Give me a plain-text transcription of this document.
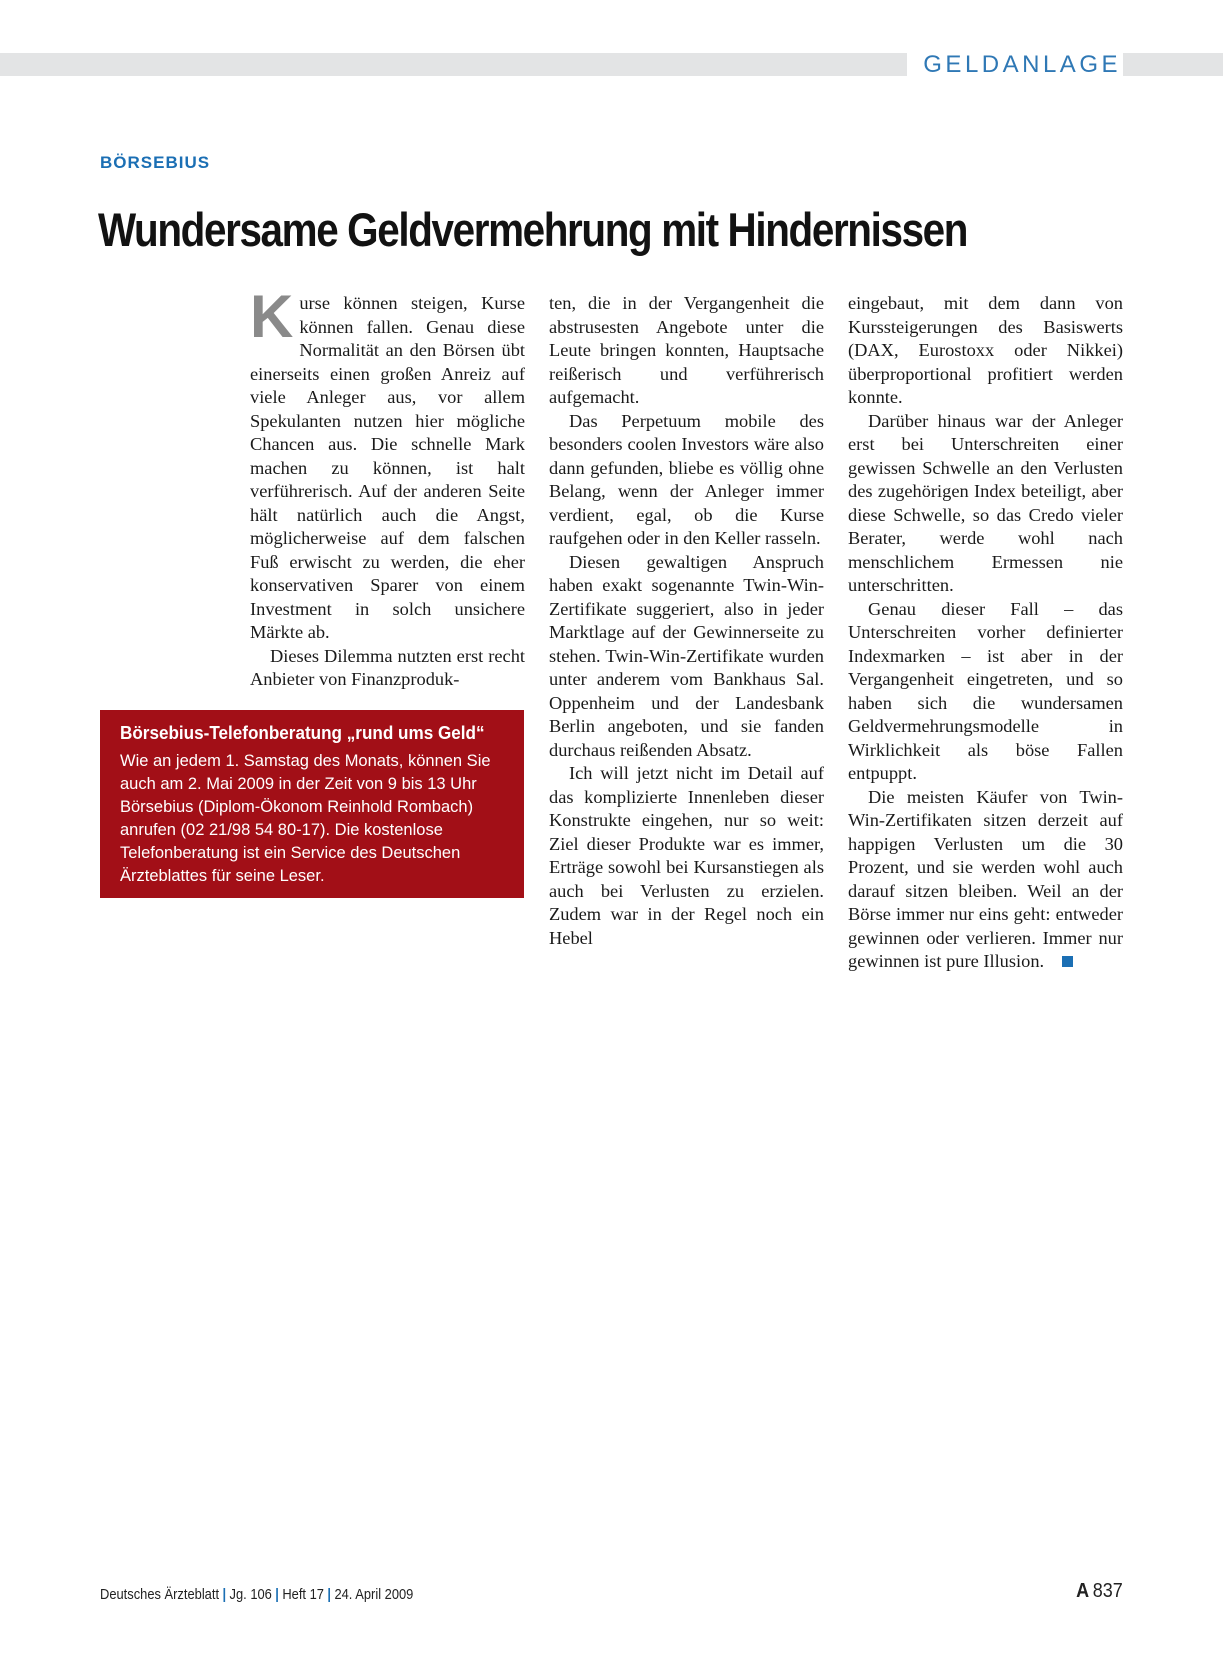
GELDANLAGE
BÖRSEBIUS
Wundersame Geldvermehrung mit Hindernissen

Kurse können steigen, Kurse können fallen. Genau diese Normalität an den Börsen übt einerseits einen großen Anreiz auf viele Anleger aus, vor allem Spekulanten nutzen hier mögliche Chancen aus. Die schnelle Mark machen zu können, ist halt verführerisch. Auf der anderen Seite hält natürlich auch die Angst, möglicherweise auf dem falschen Fuß erwischt zu werden, die eher konservativen Sparer von einem Investment in solch unsichere Märkte ab.

Dieses Dilemma nutzten erst recht Anbieter von Finanzproduk-

Börsebius-Telefonberatung „rund ums Geld“
Wie an jedem 1. Samstag des Monats, können Sie auch am 2. Mai 2009 in der Zeit von 9 bis 13 Uhr Börsebius (Diplom-Ökonom Reinhold Rombach) anrufen (02 21/98 54 80-17). Die kostenlose Telefonberatung ist ein Service des Deutschen Ärzteblattes für seine Leser.

ten, die in der Vergangenheit die abstrusesten Angebote unter die Leute bringen konnten, Hauptsache reißerisch und verführerisch aufgemacht.

Das Perpetuum mobile des besonders coolen Investors wäre also dann gefunden, bliebe es völlig ohne Belang, wenn der Anleger immer verdient, egal, ob die Kurse raufgehen oder in den Keller rasseln.

Diesen gewaltigen Anspruch haben exakt sogenannte Twin-Win-Zertifikate suggeriert, also in jeder Marktlage auf der Gewinnerseite zu stehen. Twin-Win-Zertifikate wurden unter anderem vom Bankhaus Sal. Oppenheim und der Landesbank Berlin angeboten, und sie fanden durchaus reißenden Absatz.

Ich will jetzt nicht im Detail auf das komplizierte Innenleben dieser Konstrukte eingehen, nur so weit: Ziel dieser Produkte war es immer, Erträge sowohl bei Kursanstiegen als auch bei Verlusten zu erzielen. Zudem war in der Regel noch ein Hebel

eingebaut, mit dem dann von Kurssteigerungen des Basiswerts (DAX, Eurostoxx oder Nikkei) überproportional profitiert werden konnte.

Darüber hinaus war der Anleger erst bei Unterschreiten einer gewissen Schwelle an den Verlusten des zugehörigen Index beteiligt, aber diese Schwelle, so das Credo vieler Berater, werde wohl nach menschlichem Ermessen nie unterschritten.

Genau dieser Fall – das Unterschreiten vorher definierter Indexmarken – ist aber in der Vergangenheit eingetreten, und so haben sich die wundersamen Geldvermehrungsmodelle in Wirklichkeit als böse Fallen entpuppt.

Die meisten Käufer von Twin-Win-Zertifikaten sitzen derzeit auf happigen Verlusten um die 30 Prozent, und sie werden wohl auch darauf sitzen bleiben. Weil an der Börse immer nur eins geht: entweder gewinnen oder verlieren. Immer nur gewinnen ist pure Illusion.

Deutsches Ärzteblatt | Jg. 106 | Heft 17 | 24. April 2009	A 837
